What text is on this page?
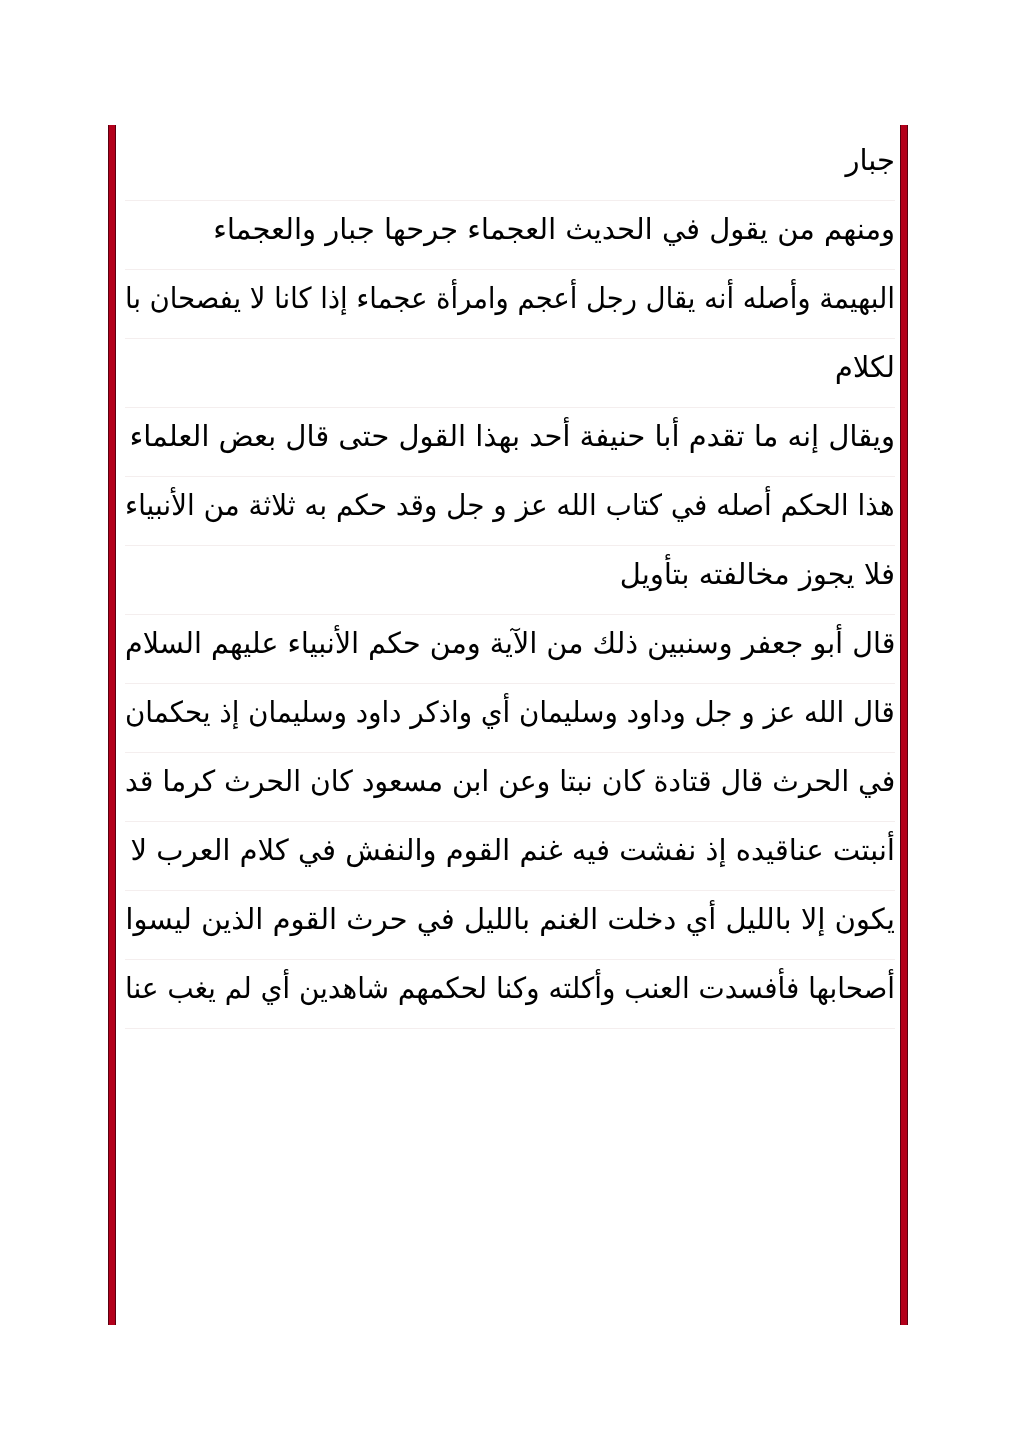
جبار
ومنهم من يقول في الحديث العجماء جرحها جبار والعجماء
البهيمة وأصله أنه يقال رجل أعجم وامرأة عجماء إذا كانا لا يفصحان با
لكلام
ويقال إنه ما تقدم أبا حنيفة أحد بهذا القول حتى قال بعض العلماء
هذا الحكم أصله في كتاب الله عز و جل وقد حكم به ثلاثة من الأنبياء
فلا يجوز مخالفته بتأويل
قال أبو جعفر وسنبين ذلك من الآية ومن حكم الأنبياء عليهم السلام
قال الله عز و جل وداود وسليمان أي واذكر داود وسليمان إذ يحكمان
في الحرث قال قتادة كان نبتا وعن ابن مسعود كان الحرث كرما قد
أنبتت عناقيده إذ نفشت فيه غنم القوم والنفش في كلام العرب لا
يكون إلا بالليل أي دخلت الغنم بالليل في حرث القوم الذين ليسوا
أصحابها فأفسدت العنب وأكلته وكنا لحكمهم شاهدين أي لم يغب عنا
